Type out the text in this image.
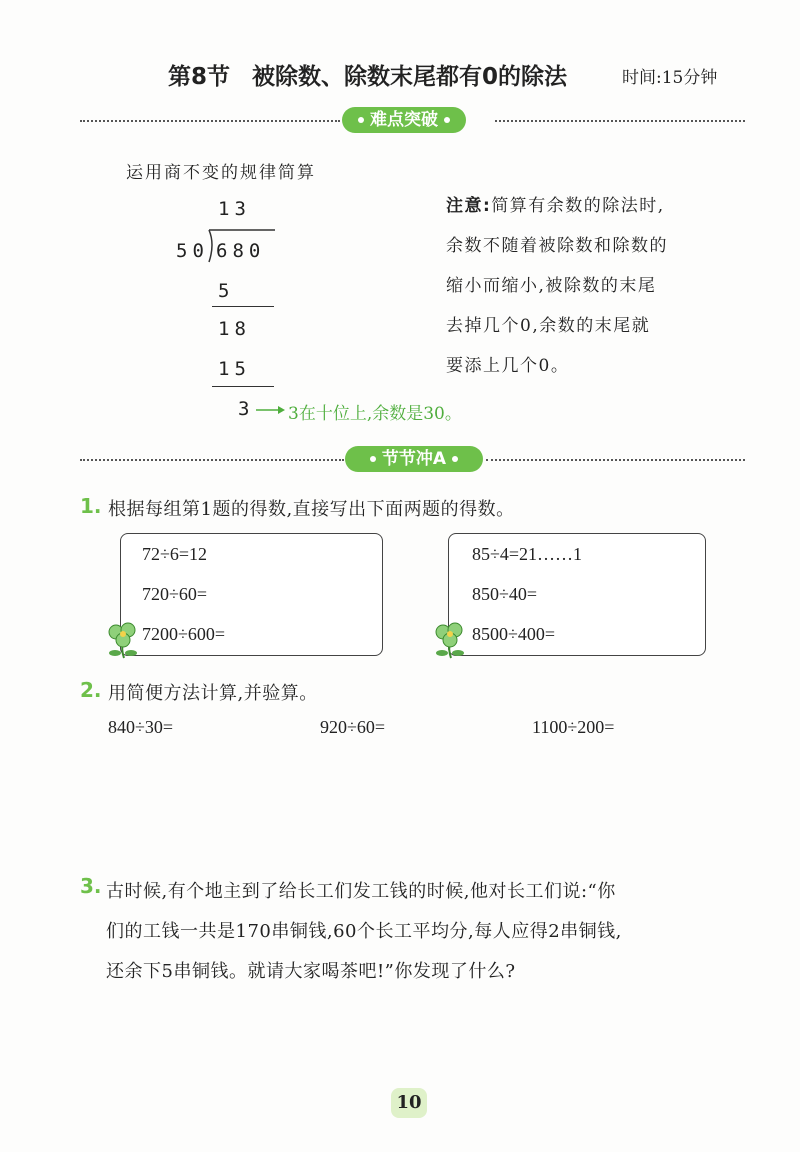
第8节 被除数、除数末尾都有0的除法	时间:15分钟
难点突破
运用商不变的规律简算
13
50 680
5
18
15
3 3在十位上,余数是30。
注意:简算有余数的除法时,
余数不随着被除数和除数的
缩小而缩小,被除数的末尾
去掉几个0,余数的末尾就
要添上几个0。
节节冲A
1. 根据每组第1题的得数,直接写出下面两题的得数。
72÷6=12
720÷60=
7200÷600=
85÷4=21……1
850÷40=
8500÷400=
2. 用简便方法计算,并验算。
840÷30=	920÷60=	1100÷200=
3. 古时候,有个地主到了给长工们发工钱的时候,他对长工们说:“你
们的工钱一共是170串铜钱,60个长工平均分,每人应得2串铜钱,
还余下5串铜钱。就请大家喝茶吧!”你发现了什么?
10
